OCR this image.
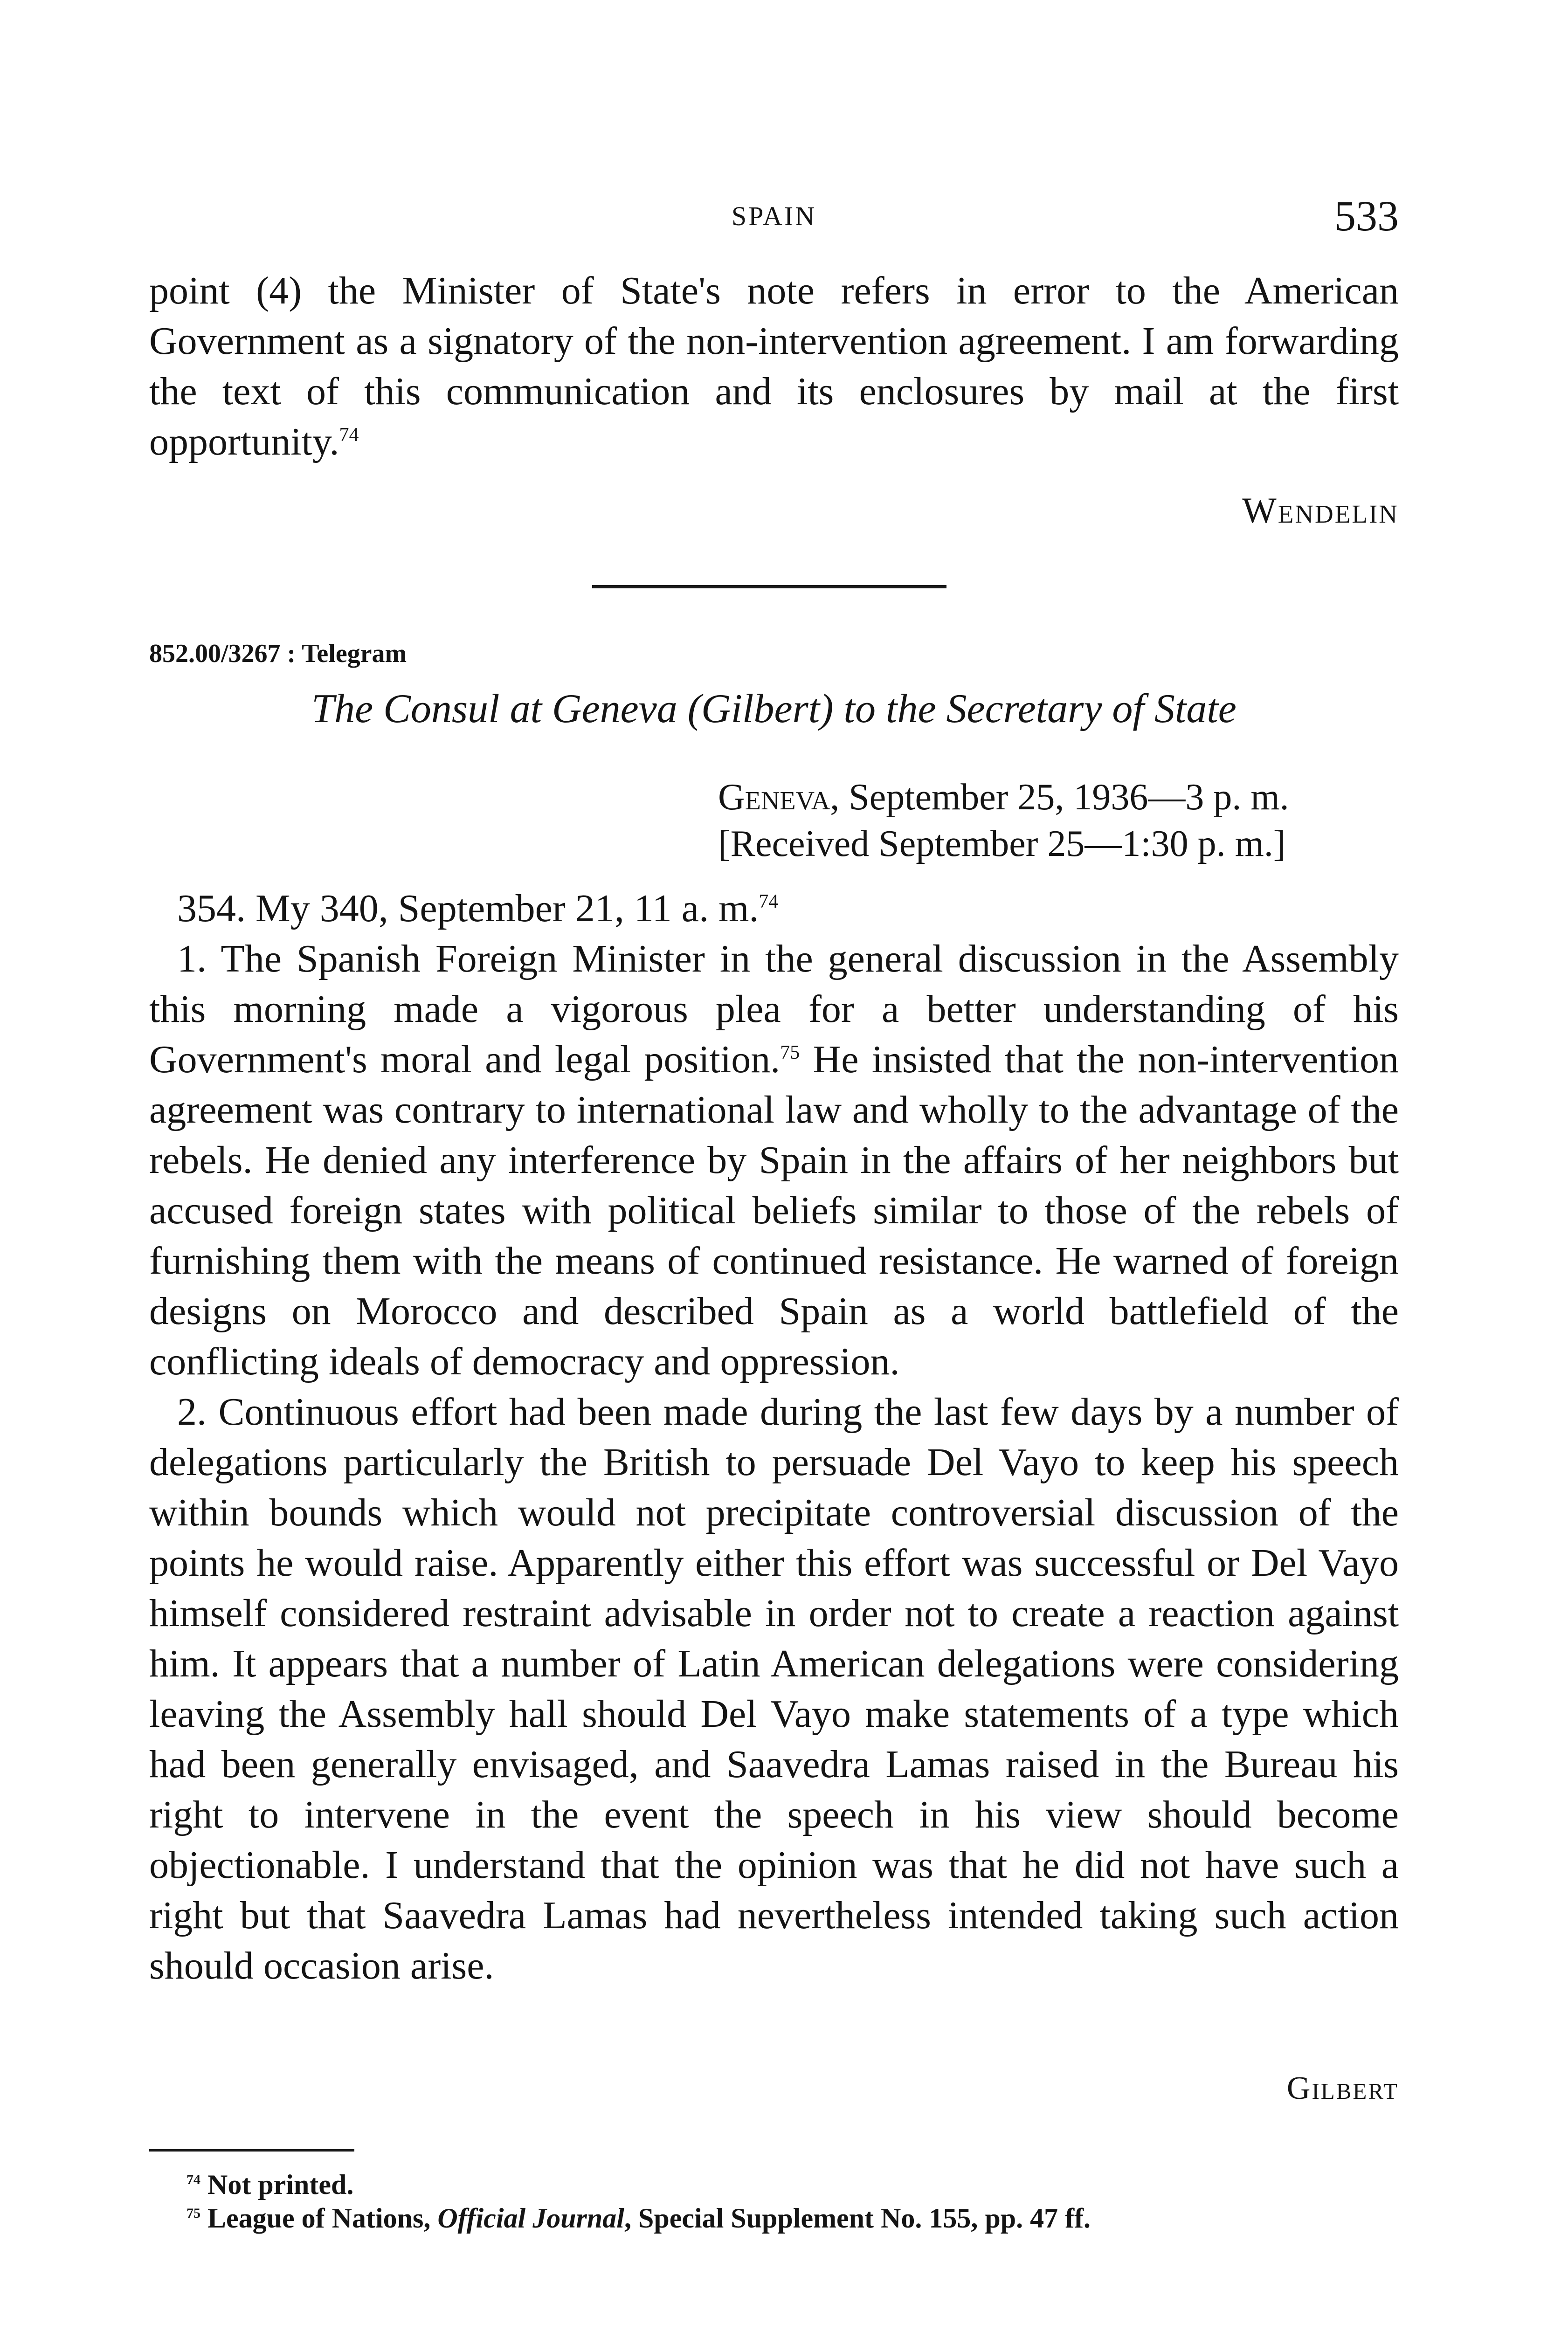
SPAIN	533

point (4) the Minister of State's note refers in error to the American Government as a signatory of the non-intervention agreement. I am forwarding the text of this communication and its enclosures by mail at the first opportunity.$^{74}$

Wendelin
852.00/3267 : Telegram
The Consul at Geneva (Gilbert) to the Secretary of State
Geneva, September 25, 1936—3 p. m.
[Received September 25—1:30 p. m.]

354. My 340, September 21, 11 a. m.$^{74}$

1. The Spanish Foreign Minister in the general discussion in the Assembly this morning made a vigorous plea for a better understanding of his Government's moral and legal position.$^{75}$ He insisted that the non-intervention agreement was contrary to international law and wholly to the advantage of the rebels. He denied any interference by Spain in the affairs of her neighbors but accused foreign states with political beliefs similar to those of the rebels of furnishing them with the means of continued resistance. He warned of foreign designs on Morocco and described Spain as a world battlefield of the conflicting ideals of democracy and oppression.

2. Continuous effort had been made during the last few days by a number of delegations particularly the British to persuade Del Vayo to keep his speech within bounds which would not precipitate controversial discussion of the points he would raise. Apparently either this effort was successful or Del Vayo himself considered restraint advisable in order not to create a reaction against him. It appears that a number of Latin American delegations were considering leaving the Assembly hall should Del Vayo make statements of a type which had been generally envisaged, and Saavedra Lamas raised in the Bureau his right to intervene in the event the speech in his view should become objectionable. I understand that the opinion was that he did not have such a right but that Saavedra Lamas had nevertheless intended taking such action should occasion arise.

Gilbert
$^{74}$ Not printed.
$^{75}$ League of Nations, Official Journal, Special Supplement No. 155, pp. 47 ff.
